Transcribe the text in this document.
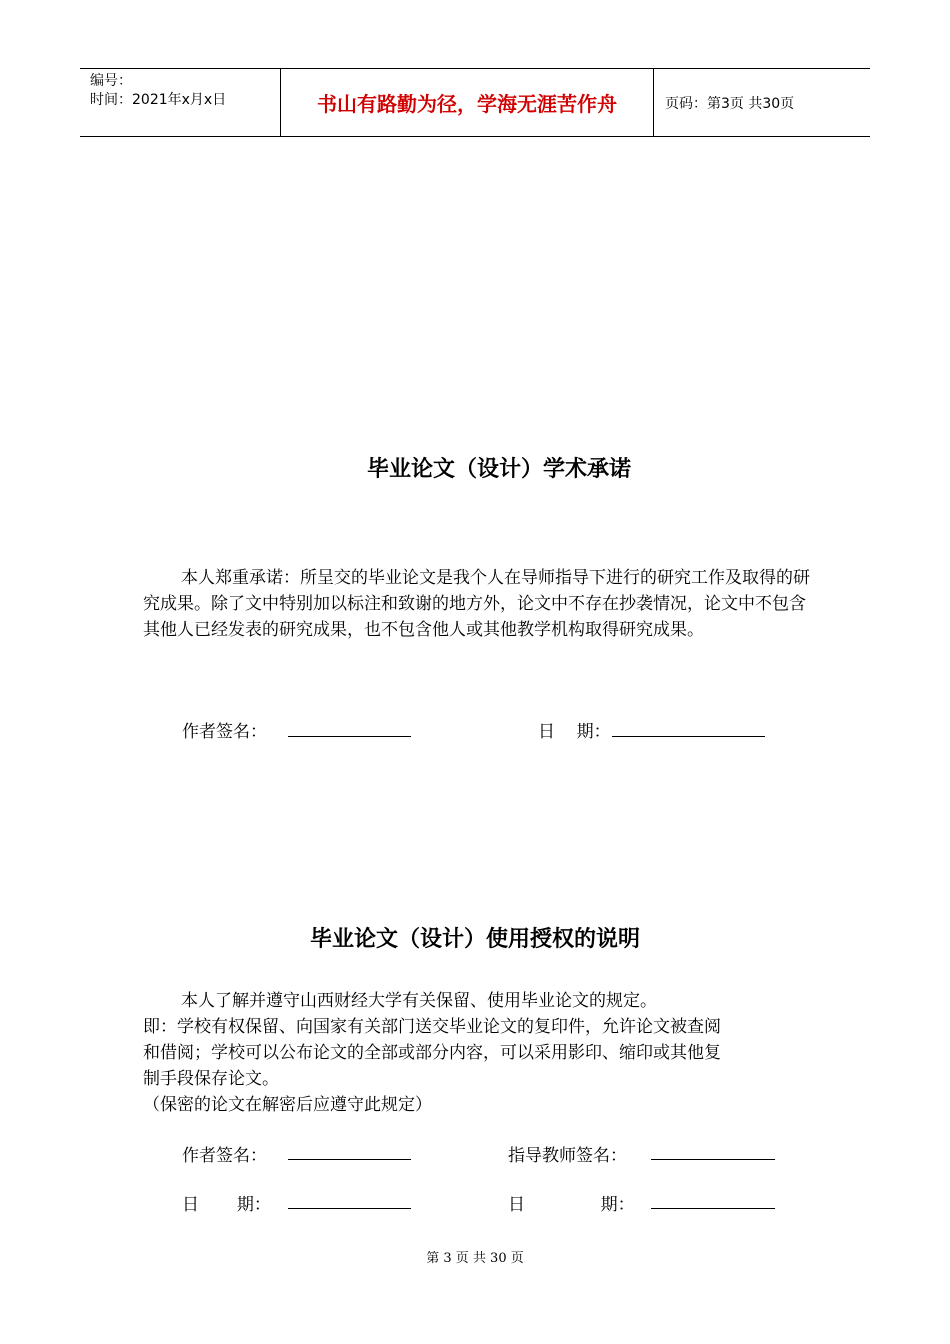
编号：
时间：2021年x月x日	书山有路勤为径，学海无涯苦作舟	页码：第3页 共30页
毕业论文（设计）学术承诺
本人郑重承诺：所呈交的毕业论文是我个人在导师指导下进行的研究工作及取得的研究成果。除了文中特别加以标注和致谢的地方外，论文中不存在抄袭情况，论文中不包含其他人已经发表的研究成果，也不包含他人或其他教学机构取得研究成果。
作者签名：	日    期：
毕业论文（设计）使用授权的说明
本人了解并遵守山西财经大学有关保留、使用毕业论文的规定。
即：学校有权保留、向国家有关部门送交毕业论文的复印件，允许论文被查阅
和借阅；学校可以公布论文的全部或部分内容，可以采用影印、缩印或其他复
制手段保存论文。
（保密的论文在解密后应遵守此规定）
作者签名：	指导教师签名：
日       期：	日              期：
第 3 页 共 30 页
